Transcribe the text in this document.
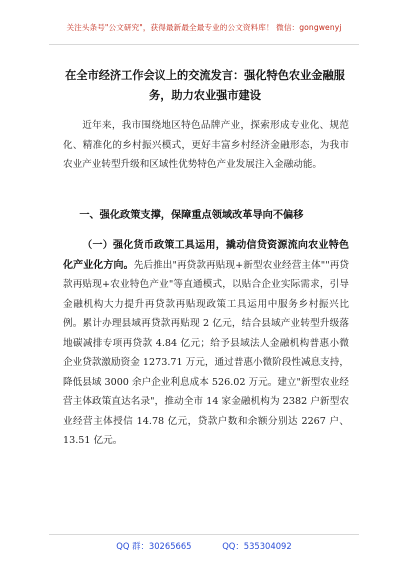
关注头条号"公文研究"，获得最新最全最专业的公文资料库！ 微信：gongwenyj
在全市经济工作会议上的交流发言：强化特色农业金融服务，助力农业强市建设

近年来，我市围绕地区特色品牌产业，探索形成专业化、规范化、精准化的乡村振兴模式，更好丰富乡村经济金融形态，为我市农业产业转型升级和区域性优势特色产业发展注入金融动能。

一、强化政策支撑，保障重点领域改革导向不偏移

（一）强化货币政策工具运用，撬动信贷资源流向农业特色化产业化方向。先后推出"再贷款再贴现+新型农业经营主体""再贷款再贴现+农业特色产业"等直通模式，以贴合企业实际需求，引导金融机构大力提升再贷款再贴现政策工具运用中服务乡村振兴比例。累计办理县域再贷款再贴现 2 亿元，结合县域产业转型升级落地碳减排专项再贷款 4.84 亿元；给予县域法人金融机构普惠小微企业贷款激励资金 1273.71 万元，通过普惠小微阶段性减息支持，降低县域 3000 余户企业利息成本 526.02 万元。建立"新型农业经营主体政策直达名录"，推动全市 14 家金融机构为 2382 户新型农业经营主体授信 14.78 亿元，贷款户数和余额分别达 2267 户、13.51 亿元。

QQ 群：30265665	QQ：535304092
